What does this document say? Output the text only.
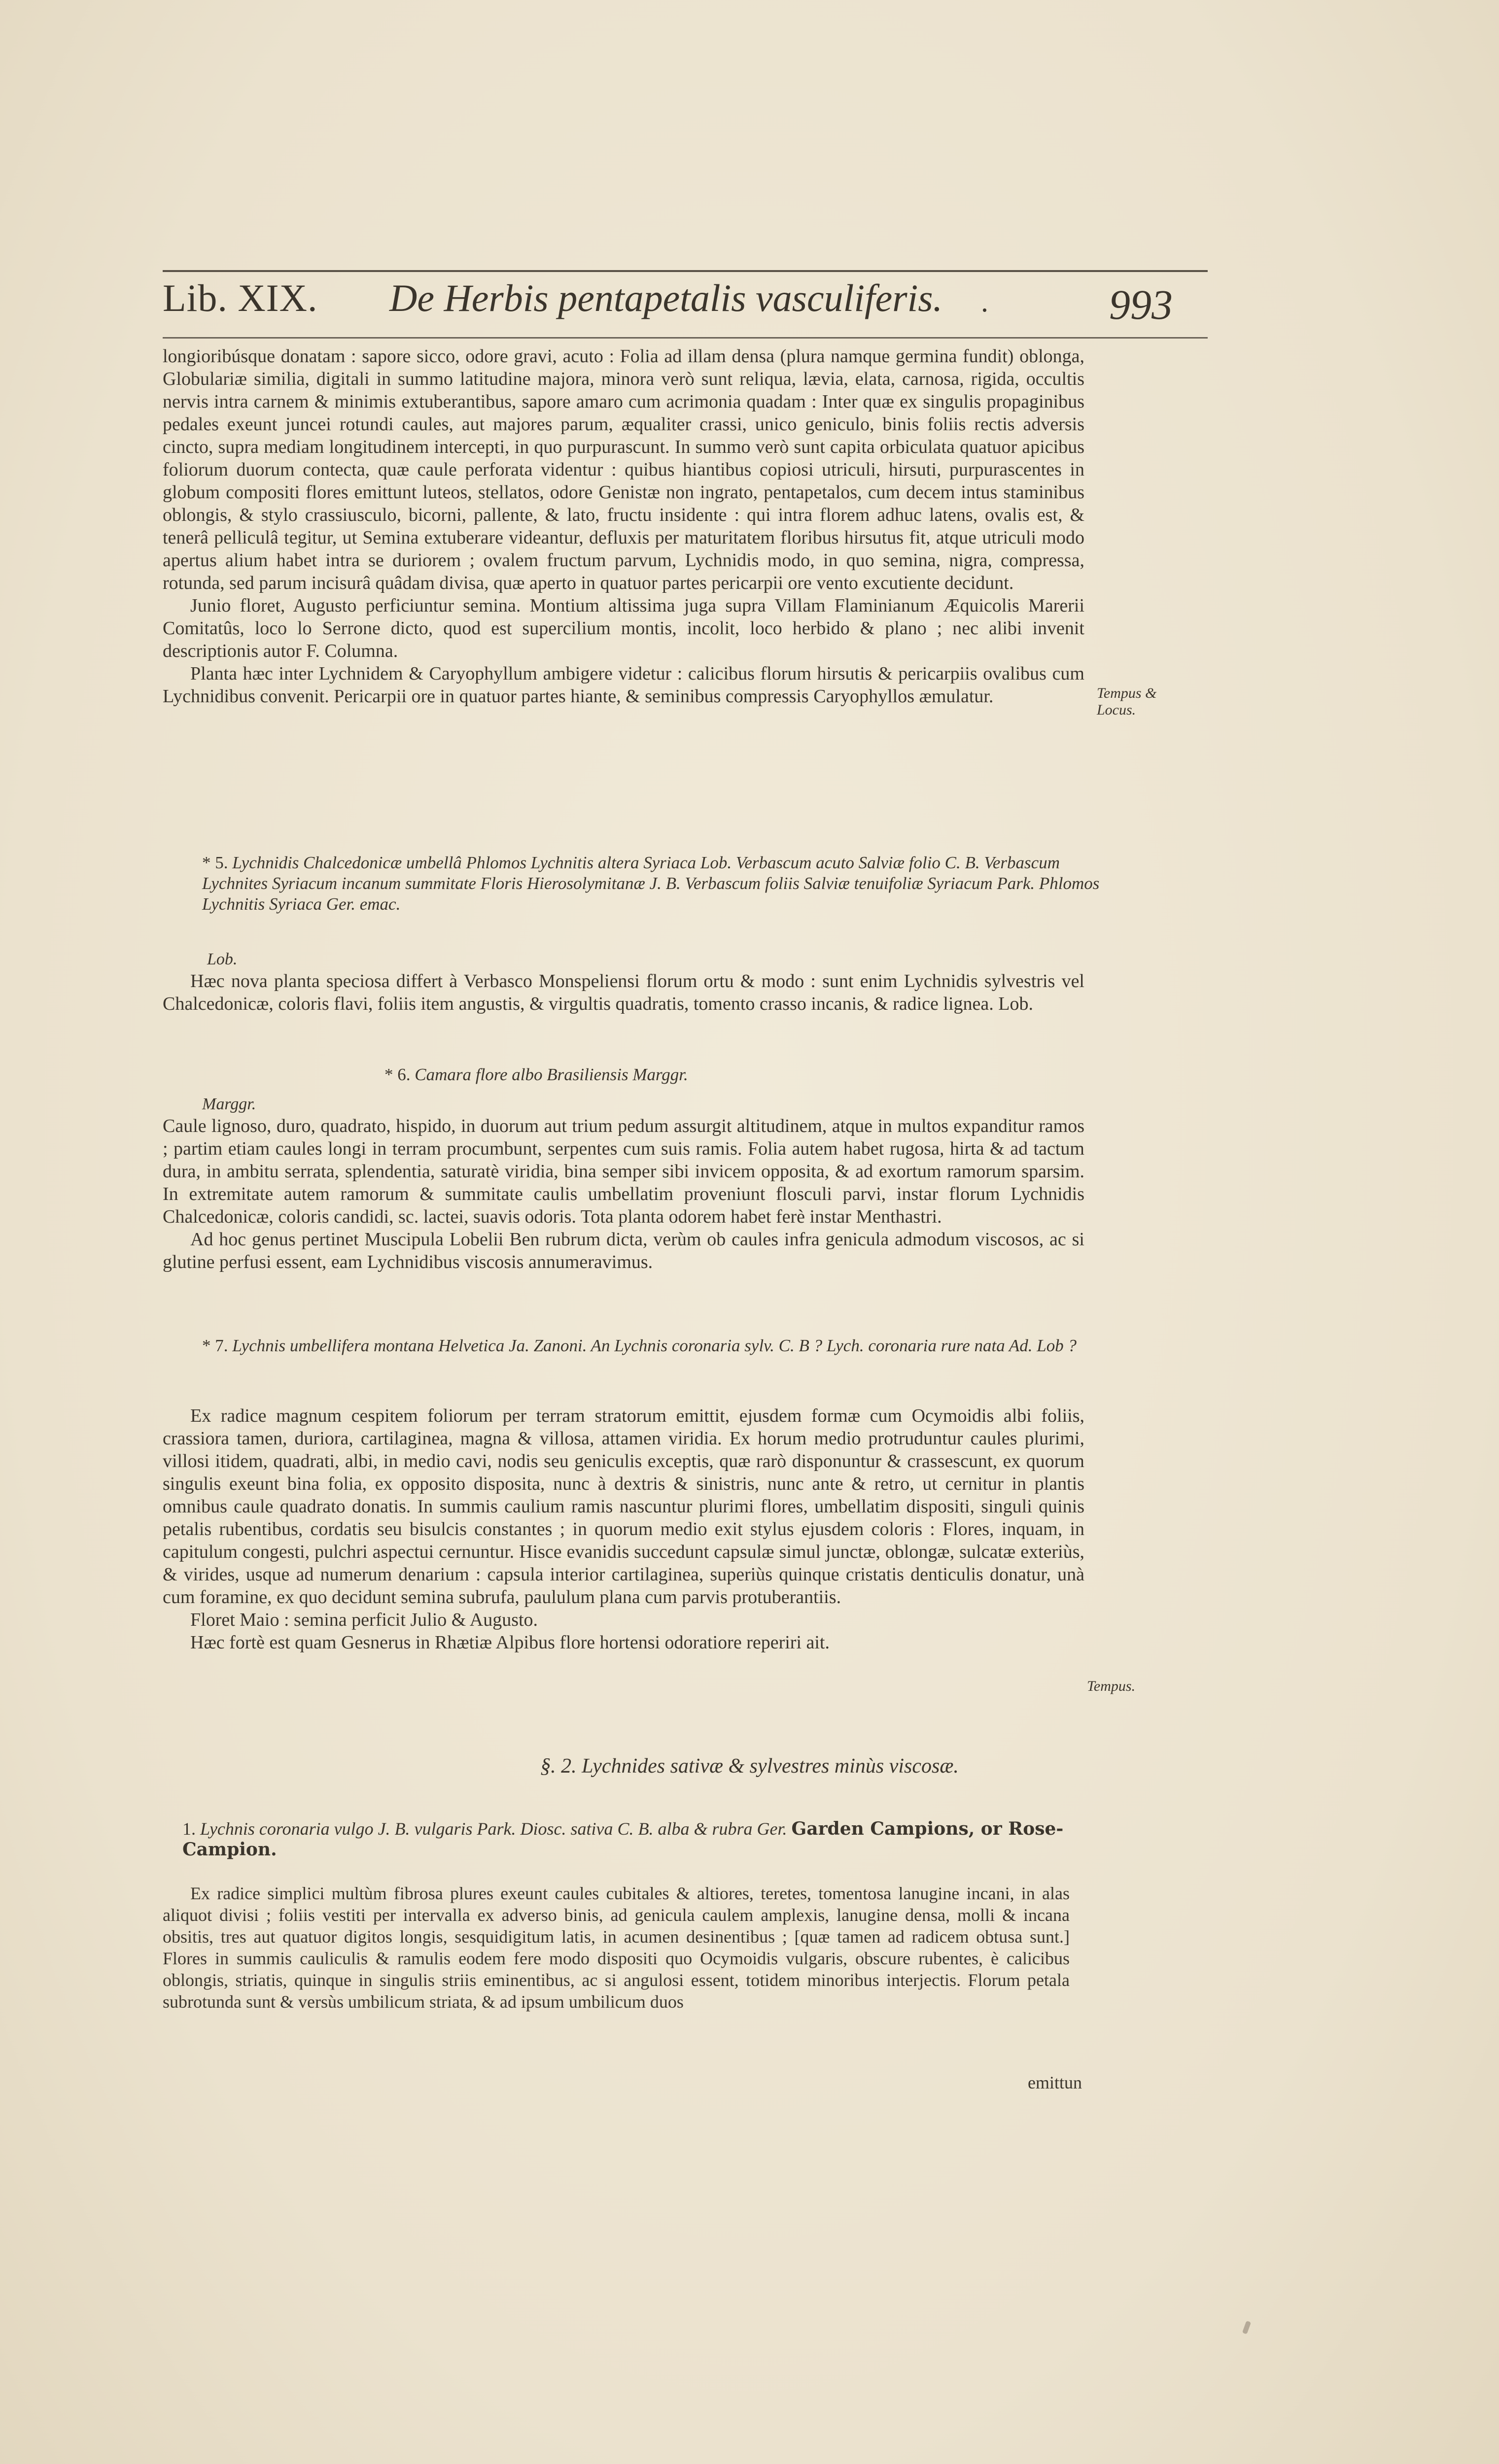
Lib. XIX. De Herbis pentapetalis vasculiferis. .	993

longioribúsque donatam : sapore sicco, odore gravi, acuto : Folia ad illam densa (plura namque germina fundit) oblonga, Globulariæ similia, digitali in summo latitudine majora, minora verò sunt reliqua, lævia, elata, carnosa, rigida, occultis nervis intra carnem & minimis extuberantibus, sapore amaro cum acrimonia quadam : Inter quæ ex singulis propaginibus pedales exeunt juncei rotundi caules, aut majores parum, æqualiter crassi, unico geniculo, binis foliis rectis adversis cincto, supra mediam longitudinem intercepti, in quo purpurascunt. In summo verò sunt capita orbiculata quatuor apicibus foliorum duorum contecta, quæ caule perforata videntur : quibus hiantibus copiosi utriculi, hirsuti, purpurascentes in globum compositi flores emittunt luteos, stellatos, odore Genistæ non ingrato, pentapetalos, cum decem intus staminibus oblongis, & stylo crassiusculo, bicorni, pallente, & lato, fructu insidente : qui intra florem adhuc latens, ovalis est, & tenerâ pelliculâ tegitur, ut Semina extuberare videantur, defluxis per maturitatem floribus hirsutus fit, atque utriculi modo apertus alium habet intra se duriorem ; ovalem fructum parvum, Lychnidis modo, in quo semina, nigra, compressa, rotunda, sed parum incisurâ quâdam divisa, quæ aperto in quatuor partes pericarpii ore vento excutiente decidunt.

Junio floret, Augusto perficiuntur semina. Montium altissima juga supra Villam Flaminianum Æquicolis Marerii Comitatûs, loco lo Serrone dicto, quod est supercilium montis, incolit, loco herbido & plano ; nec alibi invenit descriptionis autor F. Columna.

Planta hæc inter Lychnidem & Caryophyllum ambigere videtur : calicibus florum hirsutis & pericarpiis ovalibus cum Lychnidibus convenit. Pericarpii ore in quatuor partes hiante, & seminibus compressis Caryophyllos æmulatur.	Tempus & Locus.
* 5. Lychnidis Chalcedonicæ umbellâ Phlomos Lychnitis altera Syriaca Lob. Verbascum acuto Salviæ folio C. B. Verbascum Lychnites Syriacum incanum summitate Floris Hierosolymitanæ J. B. Verbascum foliis Salviæ tenuifoliæ Syriacum Park. Phlomos Lychnitis Syriaca Ger. emac.
Lob.

Hæc nova planta speciosa differt à Verbasco Monspeliensi florum ortu & modo : sunt enim Lychnidis sylvestris vel Chalcedonicæ, coloris flavi, foliis item angustis, & virgultis quadratis, tomento crasso incanis, & radice lignea. Lob.

* 6. Camara flore albo Brasiliensis Marggr.
Marggr.

Caule lignoso, duro, quadrato, hispido, in duorum aut trium pedum assurgit altitudinem, atque in multos expanditur ramos ; partim etiam caules longi in terram procumbunt, serpentes cum suis ramis. Folia autem habet rugosa, hirta & ad tactum dura, in ambitu serrata, splendentia, saturatè viridia, bina semper sibi invicem opposita, & ad exortum ramorum sparsim. In extremitate autem ramorum & summitate caulis umbellatim proveniunt flosculi parvi, instar florum Lychnidis Chalcedonicæ, coloris candidi, sc. lactei, suavis odoris. Tota planta odorem habet ferè instar Menthastri.

Ad hoc genus pertinet Muscipula Lobelii Ben rubrum dicta, verùm ob caules infra genicula admodum viscosos, ac si glutine perfusi essent, eam Lychnidibus viscosis annumeravimus.

* 7. Lychnis umbellifera montana Helvetica Ja. Zanoni. An Lychnis coronaria sylv. C. B ? Lych. coronaria rure nata Ad. Lob ?

Ex radice magnum cespitem foliorum per terram stratorum emittit, ejusdem formæ cum Ocymoidis albi foliis, crassiora tamen, duriora, cartilaginea, magna & villosa, attamen viridia. Ex horum medio protruduntur caules plurimi, villosi itidem, quadrati, albi, in medio cavi, nodis seu geniculis exceptis, quæ rarò disponuntur & crassescunt, ex quorum singulis exeunt bina folia, ex opposito disposita, nunc à dextris & sinistris, nunc ante & retro, ut cernitur in plantis omnibus caule quadrato donatis. In summis caulium ramis nascuntur plurimi flores, umbellatim dispositi, singuli quinis petalis rubentibus, cordatis seu bisulcis constantes ; in quorum medio exit stylus ejusdem coloris : Flores, inquam, in capitulum congesti, pulchri aspectui cernuntur. Hisce evanidis succedunt capsulæ simul junctæ, oblongæ, sulcatæ exteriùs, & virides, usque ad numerum denarium : capsula interior cartilaginea, superiùs quinque cristatis denticulis donatur, unà cum foramine, ex quo decidunt semina subrufa, paululum plana cum parvis protuberantiis.

Floret Maio : semina perficit Julio & Augusto.

Hæc fortè est quam Gesnerus in Rhætiæ Alpibus flore hortensi odoratiore reperiri ait.

Tempus.
§. 2. Lychnides sativæ & sylvestres minùs viscosæ.
1. Lychnis coronaria vulgo J. B. vulgaris Park. Diosc. sativa C. B. alba & rubra Ger. Garden Campions, or Rose-Campion.

Ex radice simplici multùm fibrosa plures exeunt caules cubitales & altiores, teretes, tomentosa lanugine incani, in alas aliquot divisi ; foliis vestiti per intervalla ex adverso binis, ad genicula caulem amplexis, lanugine densa, molli & incana obsitis, tres aut quatuor digitos longis, sesquidigitum latis, in acumen desinentibus ; [quæ tamen ad radicem obtusa sunt.] Flores in summis cauliculis & ramulis eodem fere modo dispositi quo Ocymoidis vulgaris, obscure rubentes, è calicibus oblongis, striatis, quinque in singulis striis eminentibus, ac si angulosi essent, totidem minoribus interjectis. Florum petala subrotunda sunt & versùs umbilicum striata, & ad ipsum umbilicum duos

emittun
